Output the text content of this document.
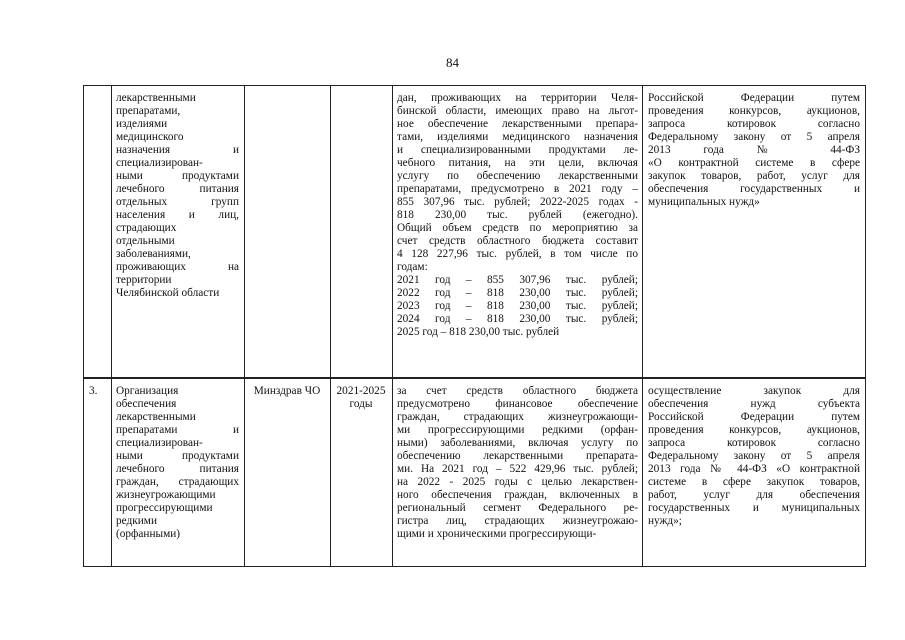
84
лекарственными
препаратами,
изделиями
медицинского
назначения и
специализирован-
ными продуктами
лечебного питания
отдельных групп
населения и лиц,
страдающих
отдельными
заболеваниями,
проживающих на
территории
Челябинской области
дан, проживающих на территории Челя-
бинской области, имеющих право на льгот-
ное обеспечение лекарственными препара-
тами, изделиями медицинского назначения
и специализированными продуктами ле-
чебного питания, на эти цели, включая
услугу по обеспечению лекарственными
препаратами, предусмотрено в 2021 году –
855 307,96 тыс. рублей; 2022-2025 годах -
818 230,00 тыс. рублей (ежегодно).
Общий объем средств по мероприятию за
счет средств областного бюджета составит
4 128 227,96 тыс. рублей, в том числе по
годам:
2021 год – 855 307,96 тыс. рублей;
2022 год – 818 230,00 тыс. рублей;
2023 год – 818 230,00 тыс. рублей;
2024 год – 818 230,00 тыс. рублей;
2025 год – 818 230,00 тыс. рублей
Российской Федерации путем
проведения конкурсов, аукционов,
запроса котировок согласно
Федеральному закону от 5 апреля
2013 года № 44-ФЗ
«О контрактной системе в сфере
закупок товаров, работ, услуг для
обеспечения государственных и
муниципальных нужд»
3.	Организация
обеспечения
лекарственными
препаратами и
специализирован-
ными продуктами
лечебного питания
граждан, страдающих
жизнеугрожающими
прогрессирующими
редкими
(орфанными)
Минздрав ЧО	2021-2025
годы
за счет средств областного бюджета
предусмотрено финансовое обеспечение
граждан, страдающих жизнеугрожающи-
ми прогрессирующими редкими (орфан-
ными) заболеваниями, включая услугу по
обеспечению лекарственными препарата-
ми. На 2021 год – 522 429,96 тыс. рублей;
на 2022 - 2025 годы с целью лекарствен-
ного обеспечения граждан, включенных в
региональный сегмент Федерального ре-
гистра лиц, страдающих жизнеугрожаю-
щими и хроническими прогрессирующи-
осуществление закупок для
обеспечения нужд субъекта
Российской Федерации путем
проведения конкурсов, аукционов,
запроса котировок согласно
Федеральному закону от 5 апреля
2013 года № 44-ФЗ «О контрактной
системе в сфере закупок товаров,
работ, услуг для обеспечения
государственных и муниципальных
нужд»;
